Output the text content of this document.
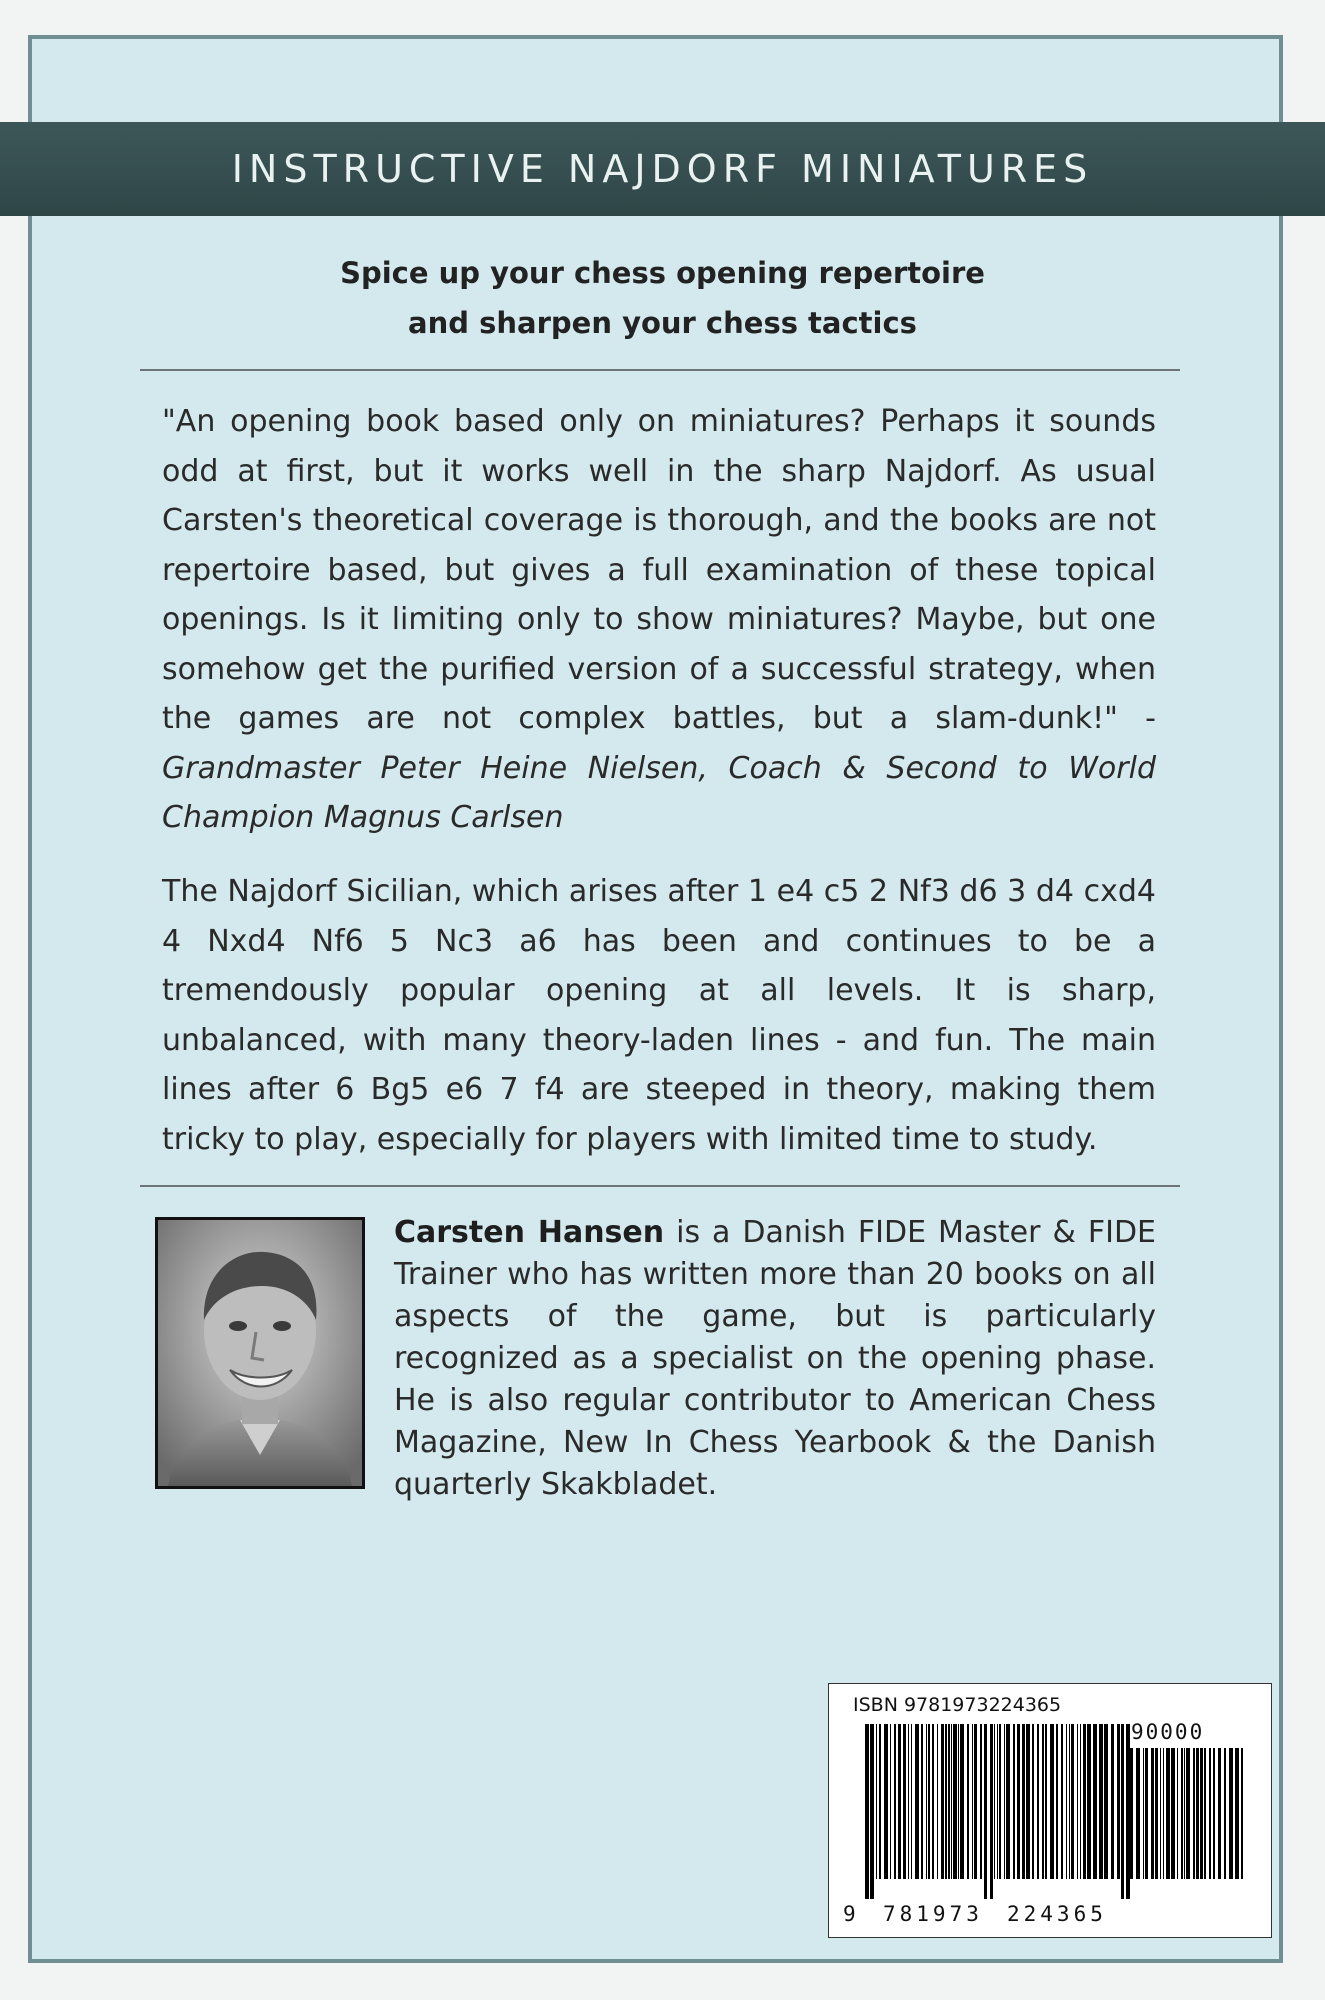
INSTRUCTIVE NAJDORF MINIATURES
Spice up your chess opening repertoire
and sharpen your chess tactics
"An opening book based only on miniatures? Perhaps it sounds odd at first, but it works well in the sharp Najdorf. As usual Carsten's theoretical coverage is thorough, and the books are not repertoire based, but gives a full examination of these topical openings. Is it limiting only to show miniatures? Maybe, but one somehow get the purified version of a successful strategy, when the games are not complex battles, but a slam-dunk!" - Grandmaster Peter Heine Nielsen, Coach & Second to World Champion Magnus Carlsen
The Najdorf Sicilian, which arises after 1 e4 c5 2 Nf3 d6 3 d4 cxd4 4 Nxd4 Nf6 5 Nc3 a6 has been and continues to be a tremendously popular opening at all levels. It is sharp, unbalanced, with many theory-laden lines - and fun. The main lines after 6 Bg5 e6 7 f4 are steeped in theory, making them tricky to play, especially for players with limited time to study.
Carsten Hansen is a Danish FIDE Master & FIDE Trainer who has written more than 20 books on all aspects of the game, but is particularly recognized as a specialist on the opening phase. He is also regular contributor to American Chess Magazine, New In Chess Yearbook & the Danish quarterly Skakbladet.
ISBN 9781973224365
90000
9 781973 224365
